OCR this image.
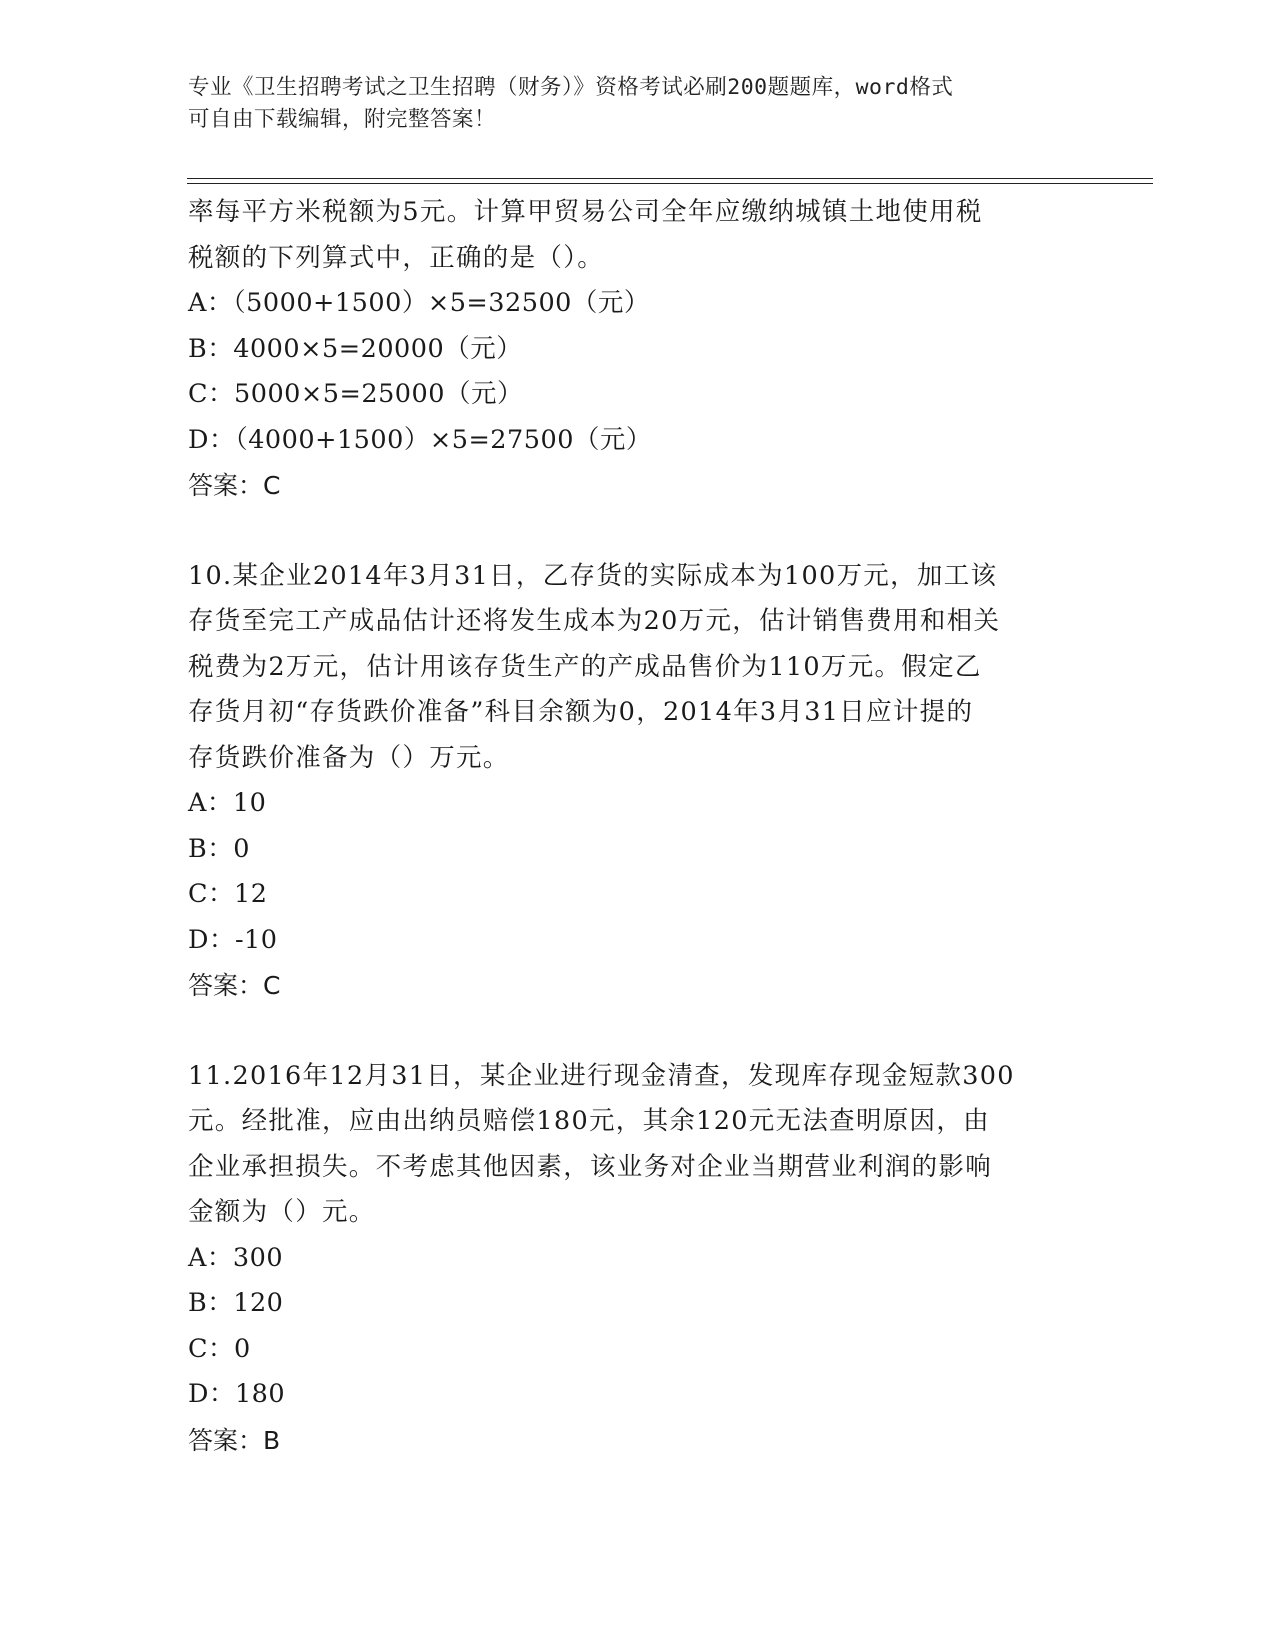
专业《卫生招聘考试之卫生招聘（财务）》资格考试必刷200题题库，word格式
可自由下载编辑，附完整答案！
率每平方米税额为5元。计算甲贸易公司全年应缴纳城镇土地使用税
税额的下列算式中，正确的是（）。
A：（5000+1500）×5=32500（元）
B：4000×5=20000（元）
C：5000×5=25000（元）
D：（4000+1500）×5=27500（元）
答案：C
10.某企业2014年3月31日，乙存货的实际成本为100万元，加工该
存货至完工产成品估计还将发生成本为20万元，估计销售费用和相关
税费为2万元，估计用该存货生产的产成品售价为110万元。假定乙
存货月初“存货跌价准备”科目余额为0，2014年3月31日应计提的
存货跌价准备为（）万元。
A：10
B：0
C：12
D：-10
答案：C
11.2016年12月31日，某企业进行现金清查，发现库存现金短款300
元。经批准，应由出纳员赔偿180元，其余120元无法查明原因，由
企业承担损失。不考虑其他因素，该业务对企业当期营业利润的影响
金额为（）元。
A：300
B：120
C：0
D：180
答案：B
